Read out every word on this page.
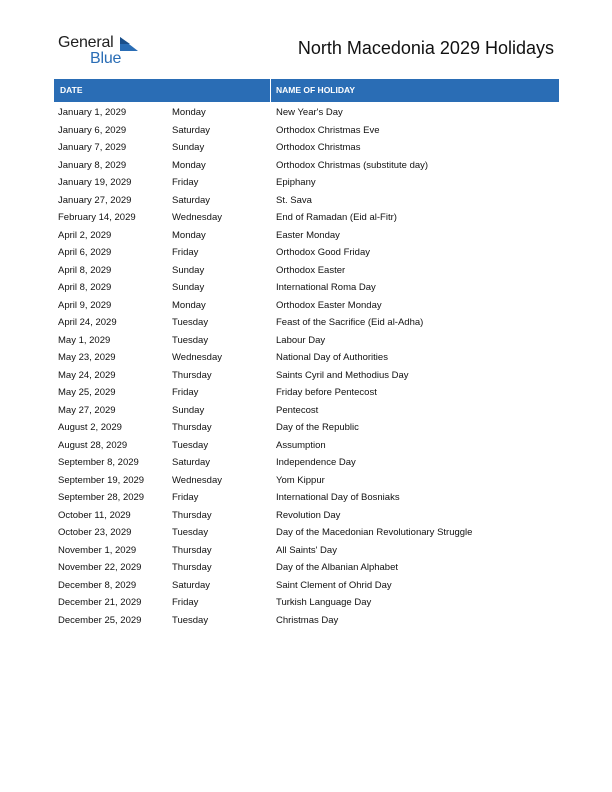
General
Blue
North Macedonia 2029 Holidays
DATE	NAME OF HOLIDAY
January 1, 2029	Monday	New Year's Day
January 6, 2029	Saturday	Orthodox Christmas Eve
January 7, 2029	Sunday	Orthodox Christmas
January 8, 2029	Monday	Orthodox Christmas (substitute day)
January 19, 2029	Friday	Epiphany
January 27, 2029	Saturday	St. Sava
February 14, 2029	Wednesday	End of Ramadan (Eid al-Fitr)
April 2, 2029	Monday	Easter Monday
April 6, 2029	Friday	Orthodox Good Friday
April 8, 2029	Sunday	Orthodox Easter
April 8, 2029	Sunday	International Roma Day
April 9, 2029	Monday	Orthodox Easter Monday
April 24, 2029	Tuesday	Feast of the Sacrifice (Eid al-Adha)
May 1, 2029	Tuesday	Labour Day
May 23, 2029	Wednesday	National Day of Authorities
May 24, 2029	Thursday	Saints Cyril and Methodius Day
May 25, 2029	Friday	Friday before Pentecost
May 27, 2029	Sunday	Pentecost
August 2, 2029	Thursday	Day of the Republic
August 28, 2029	Tuesday	Assumption
September 8, 2029	Saturday	Independence Day
September 19, 2029	Wednesday	Yom Kippur
September 28, 2029	Friday	International Day of Bosniaks
October 11, 2029	Thursday	Revolution Day
October 23, 2029	Tuesday	Day of the Macedonian Revolutionary Struggle
November 1, 2029	Thursday	All Saints' Day
November 22, 2029	Thursday	Day of the Albanian Alphabet
December 8, 2029	Saturday	Saint Clement of Ohrid Day
December 21, 2029	Friday	Turkish Language Day
December 25, 2029	Tuesday	Christmas Day
